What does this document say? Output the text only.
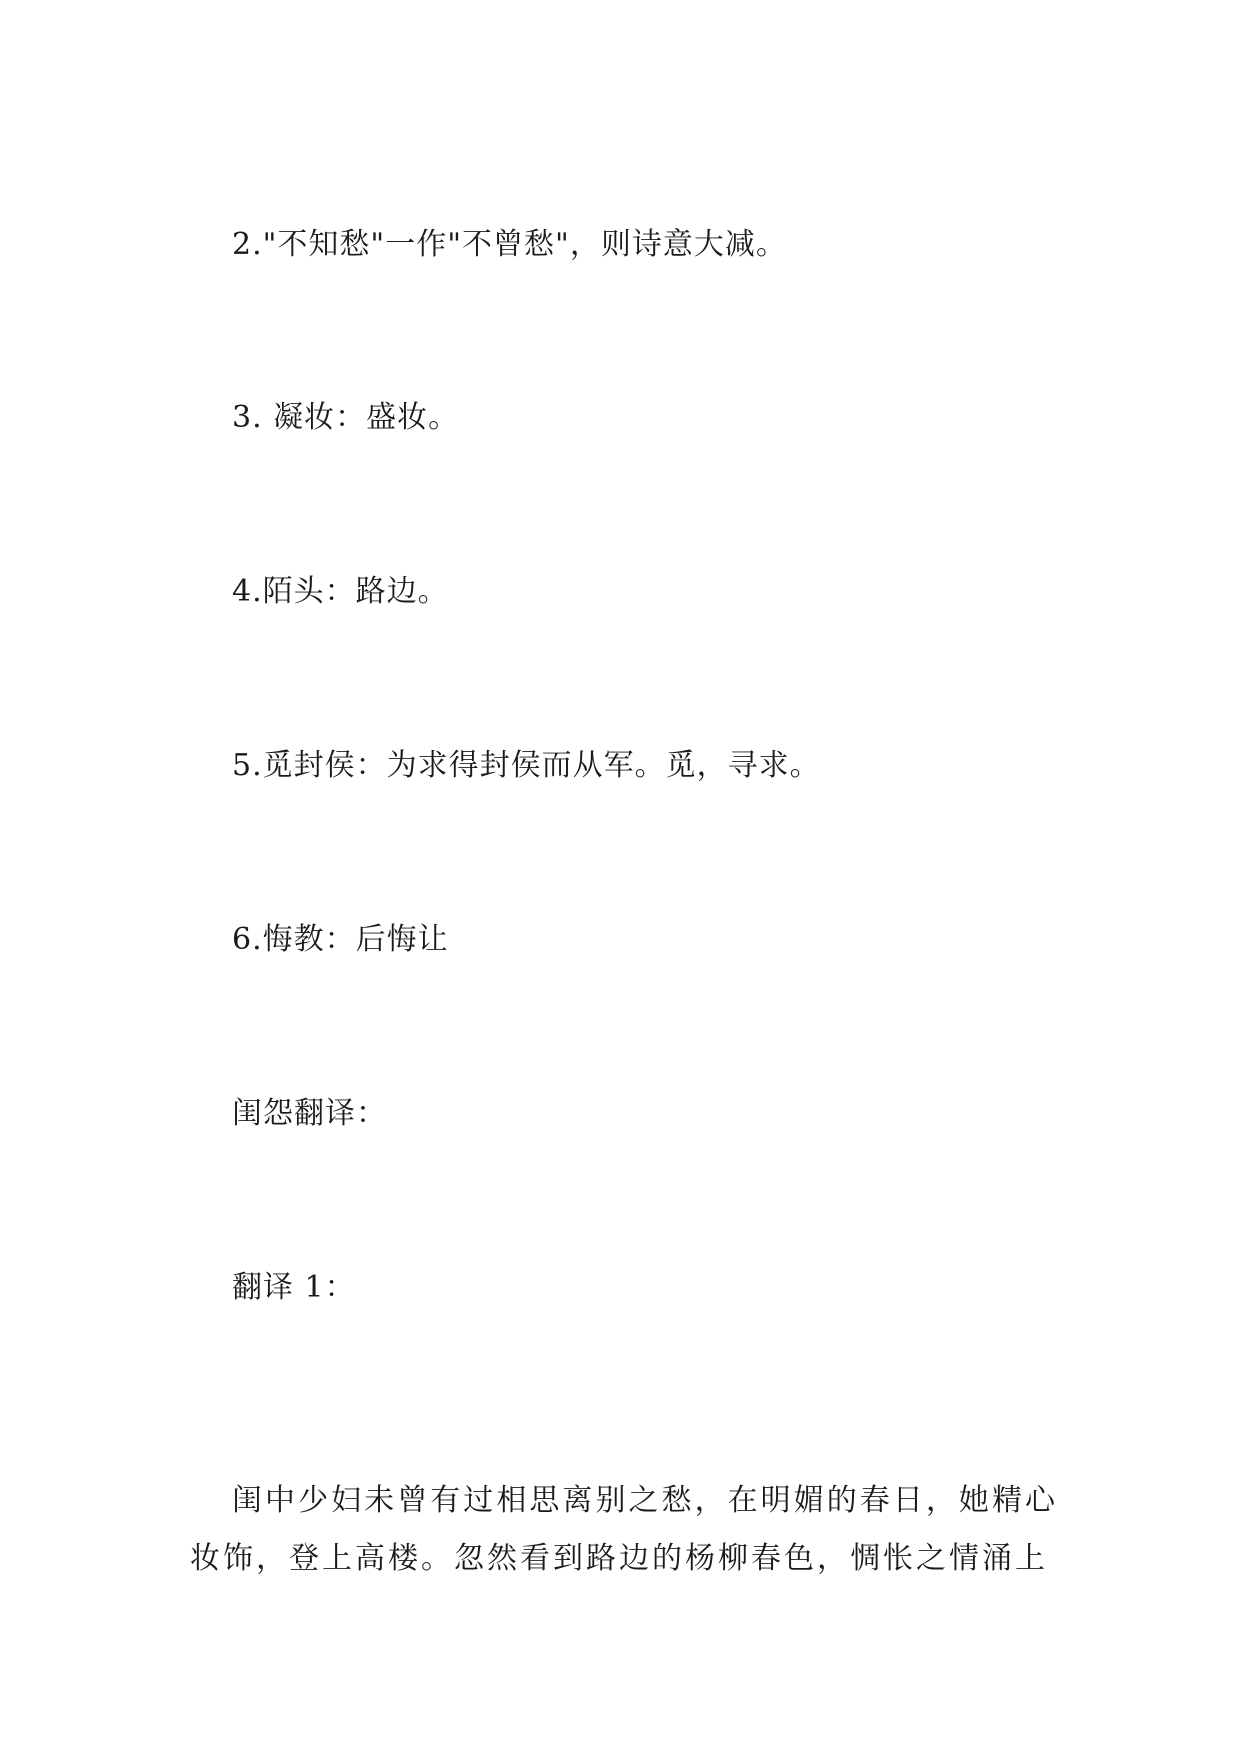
2."不知愁"一作"不曾愁"，则诗意大减。
3. 凝妆：盛妆。
4.陌头：路边。
5.觅封侯：为求得封侯而从军。觅，寻求。
6.悔教：后悔让
闺怨翻译：
翻译 1：

闺中少妇未曾有过相思离别之愁，在明媚的春日，她精心妆饰，登上高楼。忽然看到路边的杨柳春色，惆怅之情涌上
